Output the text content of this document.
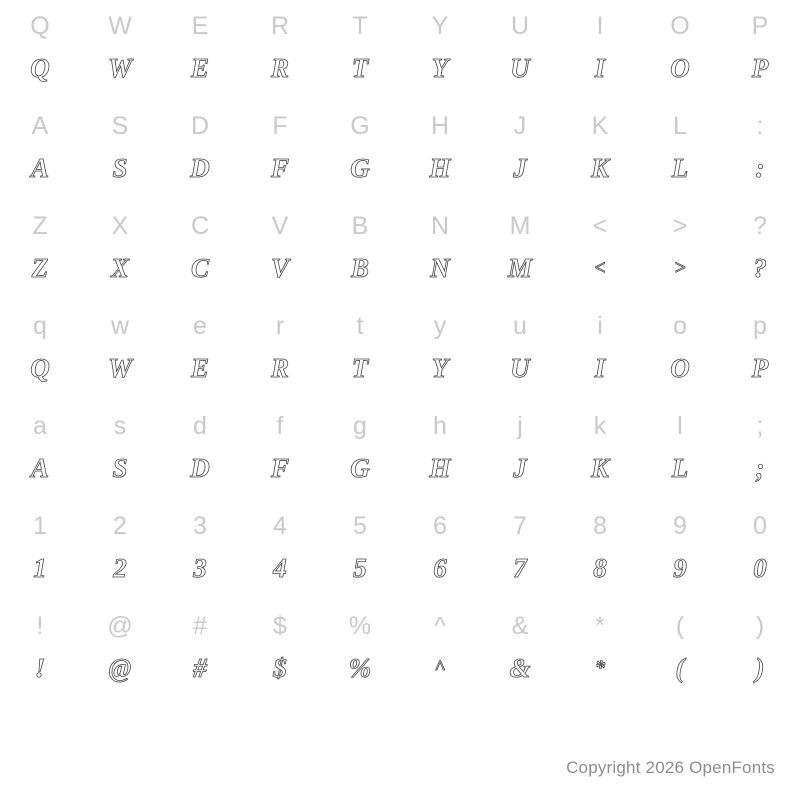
Q
Q
W
W
E
E
R
R
T
T
Y
Y
U
U
I
I
O
O
P
P
A
A
S
S
D
D
F
F
G
G
H
H
J
J
K
K
L
L
:
:
Z
Z
X
X
C
C
V
V
B
B
N
N
M
M
<
<
>
>
?
?
q
Q
w
W
e
E
r
R
t
T
y
Y
u
U
i
I
o
O
p
P
a
A
s
S
d
D
f
F
g
G
h
H
j
J
k
K
l
L
;
;
1
1
2
2
3
3
4
4
5
5
6
6
7
7
8
8
9
9
0
0
!
!
@
@
#
#
$
$
%
%
^
^
&
&
*
*
(
(
)
)
Copyright 2026 OpenFonts
